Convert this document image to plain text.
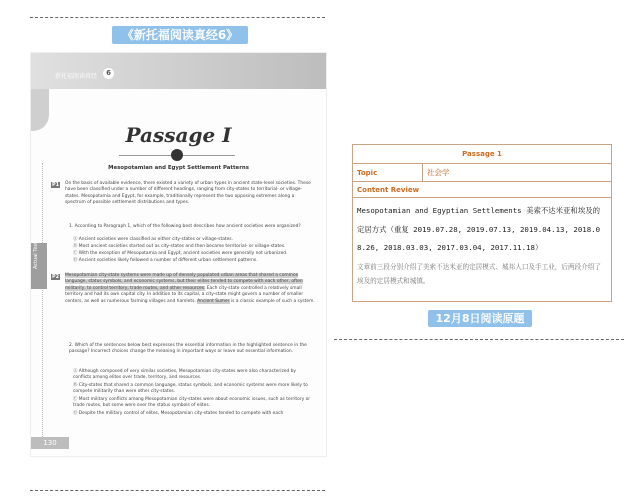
《新托福阅读真经6》
新托福阅读真经	6
Actual Test 08
Passage I
Mesopotamian and Egypt Settlement Patterns
P1 On the basis of available evidence, there existed a variety of urban types in ancient state-level societies. These have been classified under a number of different headings, ranging from city-states to territorial- or village-states. Mesopotamia and Egypt, for example, traditionally represent the two opposing extremes along a spectrum of possible settlement distributions and types.
1. According to Paragraph 1, which of the following best describes how ancient societies were organized?
Ⓐ Ancient societies were classified as either city-states or village-states.
Ⓑ Most ancient societies started out as city-states and then became territorial- or village-states.
Ⓒ With the exception of Mesopotamia and Egypt, ancient societies were generally not urbanized.
Ⓓ Ancient societies likely followed a number of different urban settlement patterns.
P2 Mesopotamian city-state systems were made up of densely populated urban areas that shared a common language, status symbols, and economic systems, but their elites tended to compete with each other, often militarily, to control territory, trade routes, and other resources. Each city-state controlled a relatively small territory and had its own capital city. In addition to its capital, a city-state might govern a number of smaller centers, as well as numerous farming villages and hamlets. Ancient Sumer is a classic example of such a system.
2. Which of the sentences below best expresses the essential information in the highlighted sentence in the passage? Incorrect choices change the meaning in important ways or leave out essential information.
Ⓐ Although composed of very similar societies, Mesopotamian city-states were also characterized by conflicts among elites over trade, territory, and resources.
Ⓑ City-states that shared a common language, status symbols, and economic systems were more likely to compete militarily than were other city-states.
Ⓒ Most military conflicts among Mesopotamian city-states were about economic issues, such as territory or trade routes, but some were over the status symbols of elites.
Ⓓ Despite the military control of elites, Mesopotamian city-states tended to compete with each
130
Passage 1
Topic	社会学
Content Review

Mesopotamian and Egyptian Settlements 美索不达米亚和埃及的定居方式（重复 2019.07.28, 2019.07.13, 2019.04.13, 2018.08.26, 2018.03.03, 2017.03.04, 2017.11.18）
文章前三段分别介绍了美索不达米亚的定居模式、城邦人口及手工业，后两段介绍了埃及的定居模式和城镇。
12月8日阅读原题
